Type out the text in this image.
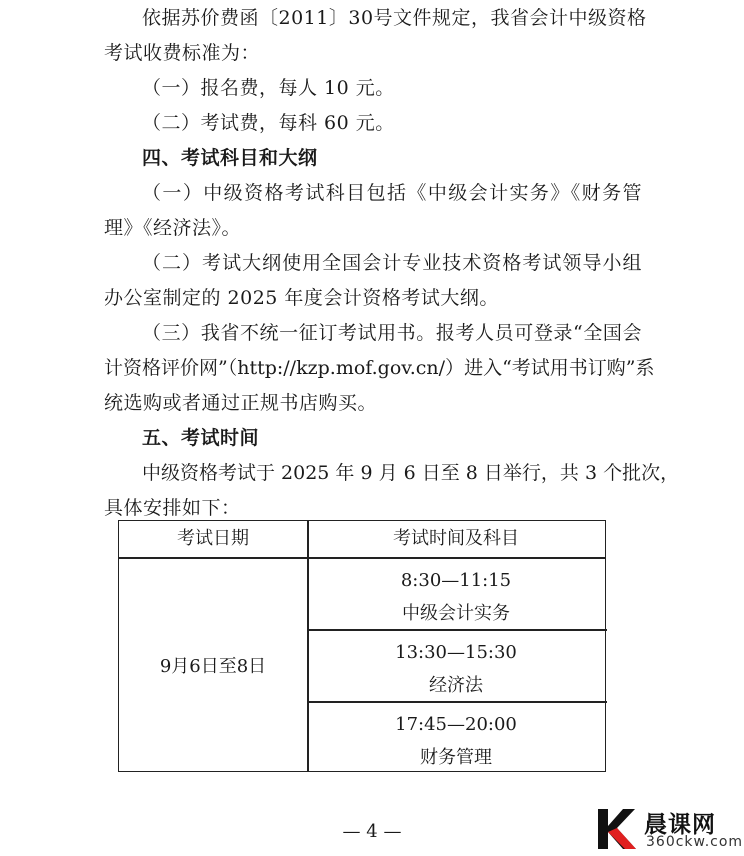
依据苏价费函〔2011〕30号文件规定，我省会计中级资格
考试收费标准为：
（一）报名费，每人 10 元。
（二）考试费，每科 60 元。
四、考试科目和大纲
（一）中级资格考试科目包括《中级会计实务》《财务管
理》《经济法》。
（二）考试大纲使用全国会计专业技术资格考试领导小组
办公室制定的 2025 年度会计资格考试大纲。
（三）我省不统一征订考试用书。报考人员可登录“全国会
计资格评价网”（http://kzp.mof.gov.cn/）进入“考试用书订购”系
统选购或者通过正规书店购买。
五、考试时间
中级资格考试于 2025 年 9 月 6 日至 8 日举行，共 3 个批次，
具体安排如下：
考试日期	考试时间及科目
9月6日至8日
8:30—11:15
中级会计实务
13:30—15:30
经济法
17:45—20:00
财务管理
— 4 —	晨课网
360ckw.com
